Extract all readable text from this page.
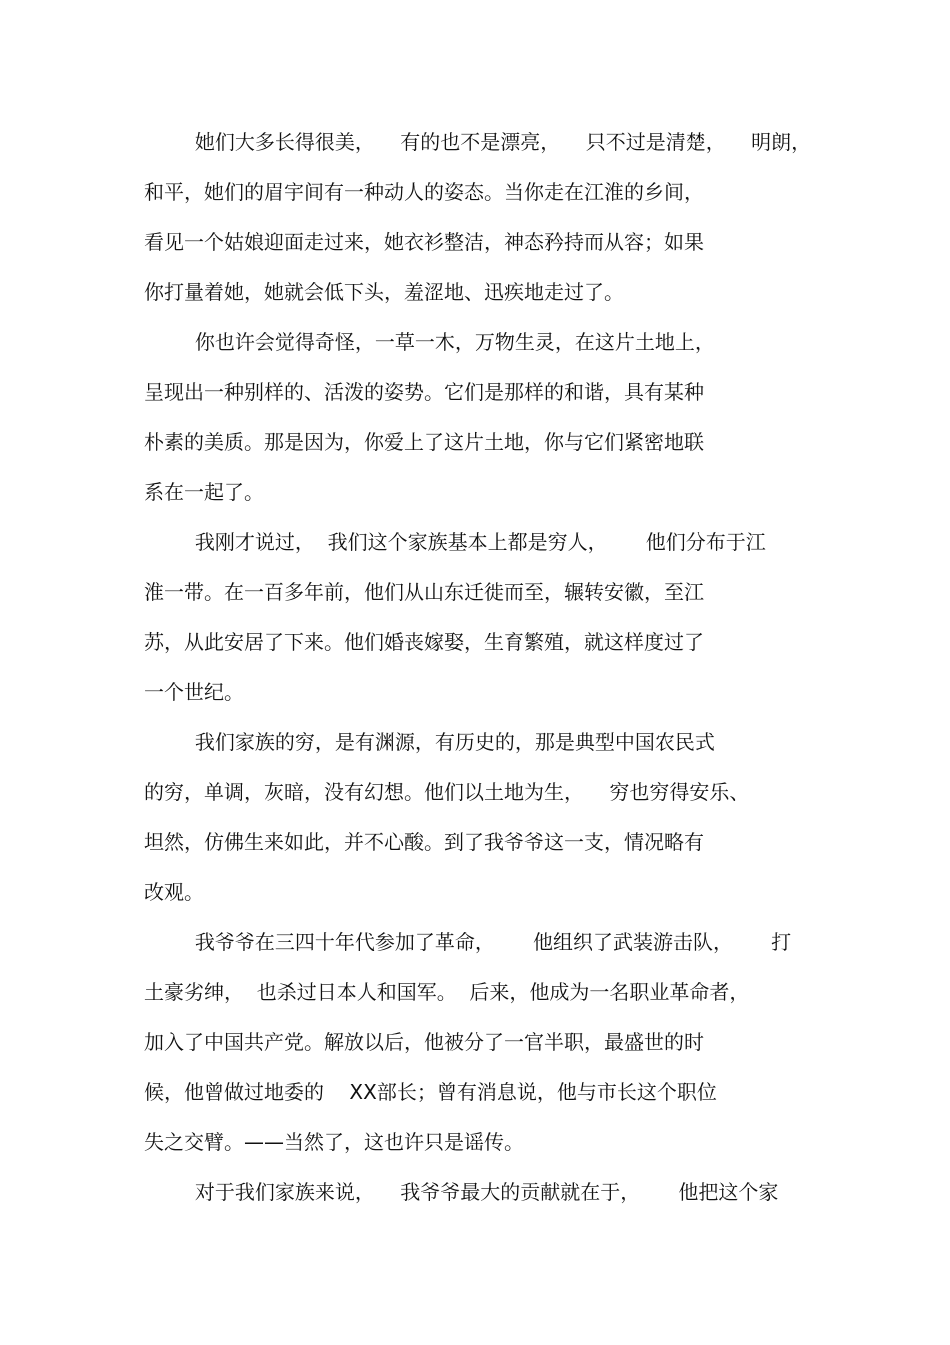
她们大多长得很美，    有的也不是漂亮，    只不过是清楚，    明朗，

和平，她们的眉宇间有一种动人的姿态。当你走在江淮的乡间，

看见一个姑娘迎面走过来，她衣衫整洁，神态矜持而从容；如果

你打量着她，她就会低下头，羞涩地、迅疾地走过了。

你也许会觉得奇怪，一草一木，万物生灵，在这片土地上，

呈现出一种别样的、活泼的姿势。它们是那样的和谐，具有某种

朴素的美质。那是因为，你爱上了这片土地，你与它们紧密地联

系在一起了。

我刚才说过，  我们这个家族基本上都是穷人，      他们分布于江

淮一带。在一百多年前，他们从山东迁徙而至，辗转安徽，至江

苏，从此安居了下来。他们婚丧嫁娶，生育繁殖，就这样度过了

一个世纪。

我们家族的穷，是有渊源，有历史的，那是典型中国农民式

的穷，单调，灰暗，没有幻想。他们以土地为生，    穷也穷得安乐、

坦然，仿佛生来如此，并不心酸。到了我爷爷这一支，情况略有

改观。

我爷爷在三四十年代参加了革命，      他组织了武装游击队，      打

土豪劣绅，  也杀过日本人和国军。  后来，他成为一名职业革命者，

加入了中国共产党。解放以后，他被分了一官半职，最盛世的时

候，他曾做过地委的    XX部长；曾有消息说，他与市长这个职位

失之交臂。——当然了，这也许只是谣传。

对于我们家族来说，    我爷爷最大的贡献就在于，      他把这个家
